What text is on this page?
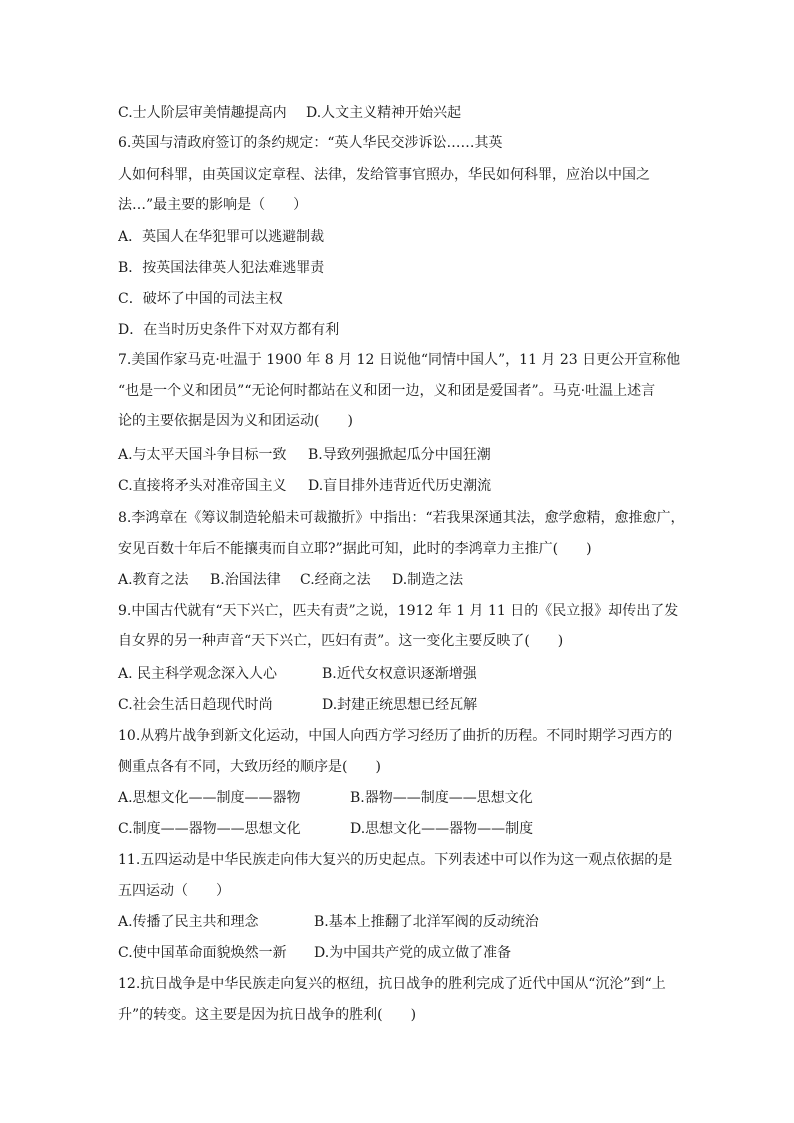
C.士人阶层审美情趣提高内 D.人文主义精神开始兴起
6.英国与清政府签订的条约规定：“英人华民交涉诉讼……其英
人如何科罪，由英国议定章程、法律，发给管事官照办，华民如何科罪，应治以中国之
法…”最主要的影响是（　　）
A．英国人在华犯罪可以逃避制裁
B．按英国法律英人犯法难逃罪责
C．破坏了中国的司法主权
D．在当时历史条件下对双方都有利
7.美国作家马克·吐温于 1900 年 8 月 12 日说他“同情中国人”，11 月 23 日更公开宣称他
“也是一个义和团员”“无论何时都站在义和团一边，义和团是爱国者”。马克·吐温上述言
论的主要依据是因为义和团运动(　　)
A.与太平天国斗争目标一致 B.导致列强掀起瓜分中国狂潮
C.直接将矛头对准帝国主义 D.盲目排外违背近代历史潮流
8.李鸿章在《筹议制造轮船未可裁撤折》中指出：“若我果深通其法，愈学愈精，愈推愈广，
安见百数十年后不能攘夷而自立耶?”据此可知，此时的李鸿章力主推广(　　)
A.教育之法 B.治国法律 C.经商之法 D.制造之法
9.中国古代就有“天下兴亡，匹夫有责”之说，1912 年 1 月 11 日的《民立报》却传出了发
自女界的另一种声音“天下兴亡，匹妇有责”。这一变化主要反映了(　　)
A. 民主科学观念深入人心	B.近代女权意识逐渐增强
C.社会生活日趋现代时尚	D.封建正统思想已经瓦解
10.从鸦片战争到新文化运动，中国人向西方学习经历了曲折的历程。不同时期学习西方的
侧重点各有不同，大致历经的顺序是(　　)
A.思想文化——制度——器物	B.器物——制度——思想文化
C.制度——器物——思想文化	D.思想文化——器物——制度
11.五四运动是中华民族走向伟大复兴的历史起点。下列表述中可以作为这一观点依据的是
五四运动（　　）
A.传播了民主共和理念	B.基本上推翻了北洋军阀的反动统治
C.使中国革命面貌焕然一新 D.为中国共产党的成立做了准备
12.抗日战争是中华民族走向复兴的枢纽，抗日战争的胜利完成了近代中国从“沉沦”到“上
升”的转变。这主要是因为抗日战争的胜利(　　)
